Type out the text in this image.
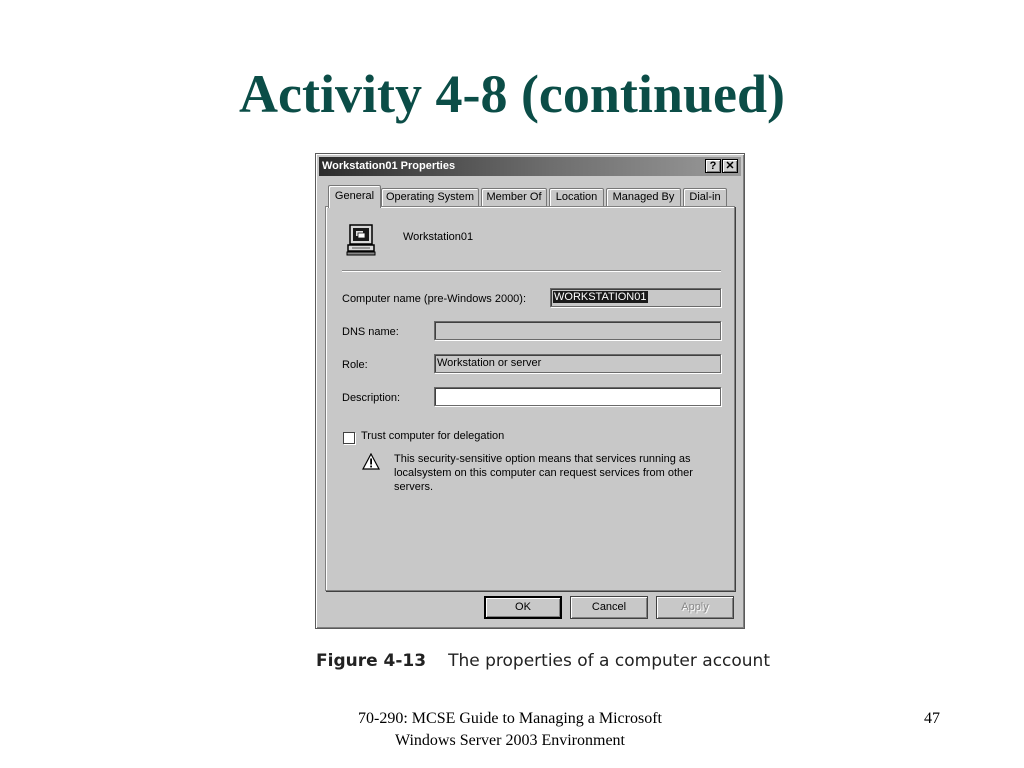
Activity 4-8 (continued)
Workstation01 Properties	? ✕
Workstation01
Computer name (pre-Windows 2000):	WORKSTATION01
DNS name:
Role:	Workstation or server
Description:
Trust computer for delegation
This security-sensitive option means that services running as localsystem on this computer can request services from other servers.
General	Operating System	Member Of	Location	Managed By	Dial-in
OK	Cancel	Apply
Figure 4-13 The properties of a computer account
70-290: MCSE Guide to Managing a Microsoft
Windows Server 2003 Environment
47
